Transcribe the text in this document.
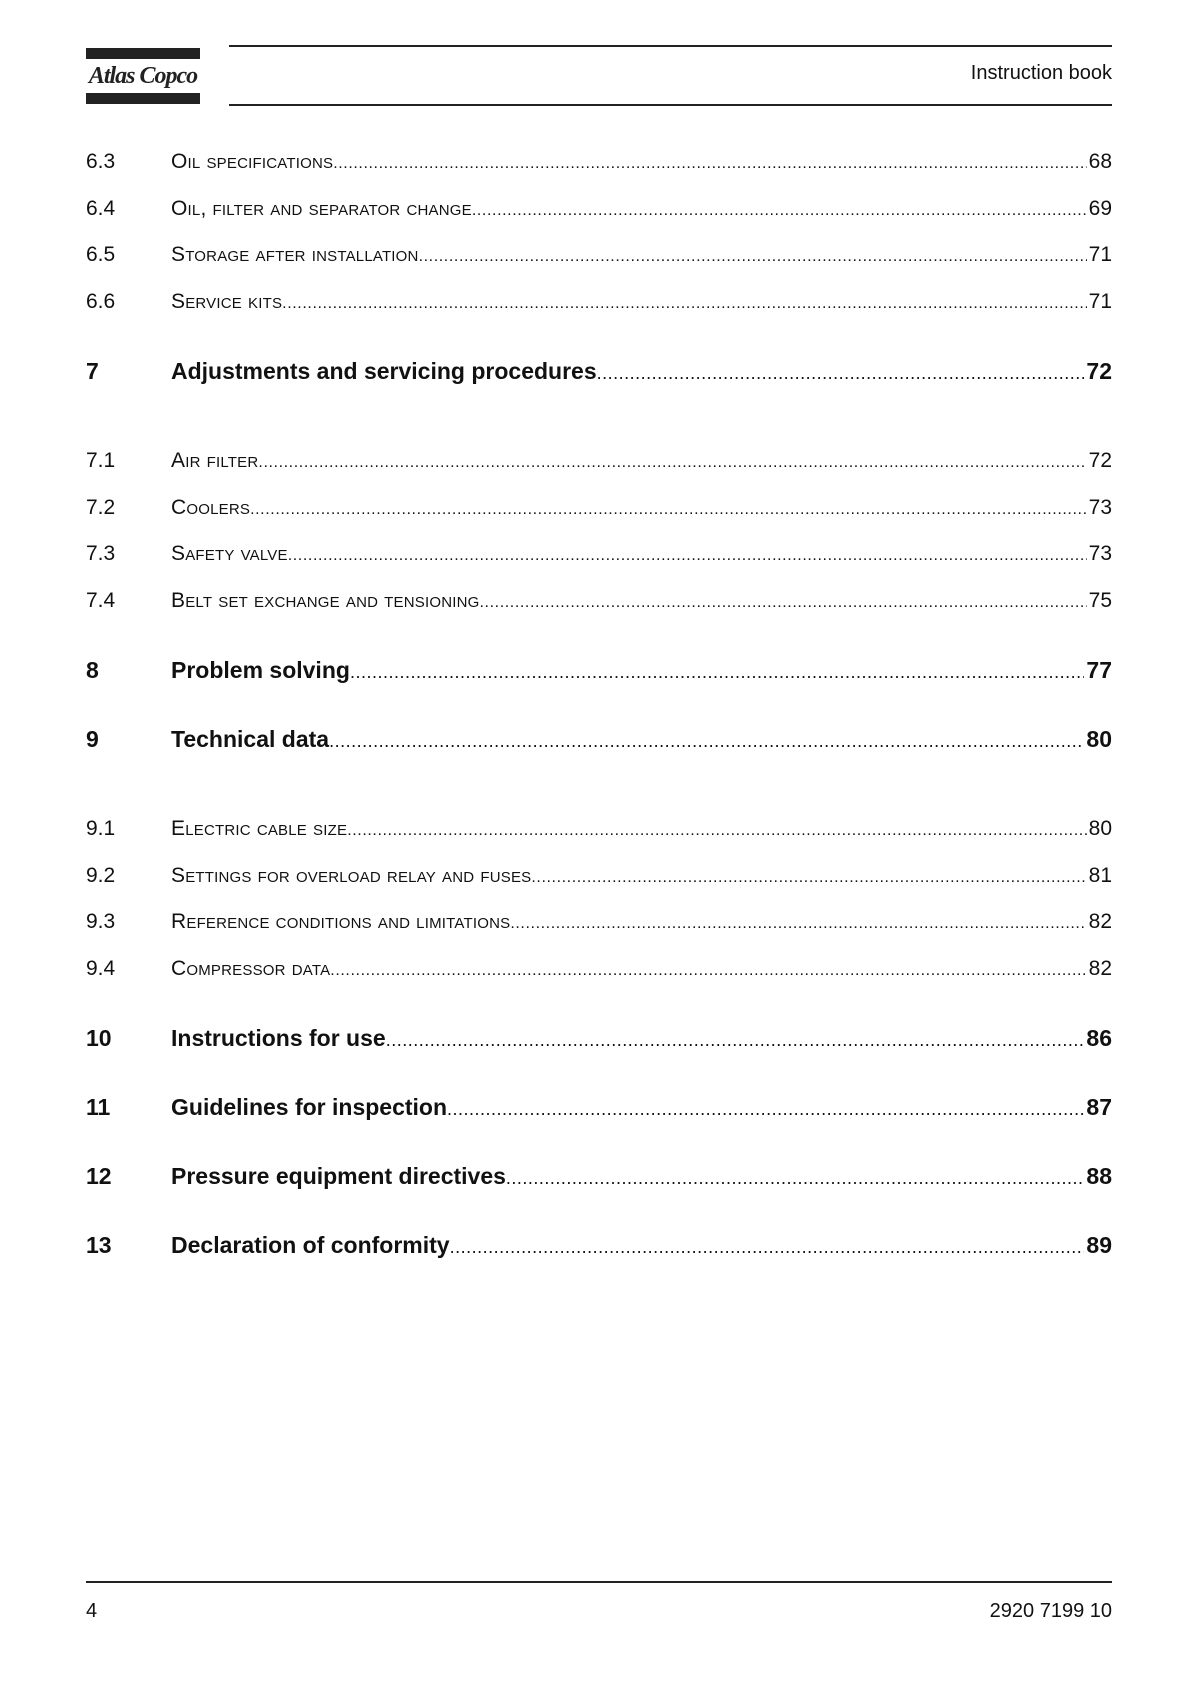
Atlas Copco	Instruction book
6.3	Oil specifications .....	68
6.4	Oil, filter and separator change .....	69
6.5	Storage after installation .....	71
6.6	Service kits .....	71
7	Adjustments and servicing procedures .....	72
7.1	Air filter .....	72
7.2	Coolers .....	73
7.3	Safety valve .....	73
7.4	Belt set exchange and tensioning .....	75
8	Problem solving .....	77
9	Technical data .....	80
9.1	Electric cable size .....	80
9.2	Settings for overload relay and fuses .....	81
9.3	Reference conditions and limitations .....	82
9.4	Compressor data .....	82
10	Instructions for use .....	86
11	Guidelines for inspection .....	87
12	Pressure equipment directives .....	88
13	Declaration of conformity .....	89
4	2920 7199 10
